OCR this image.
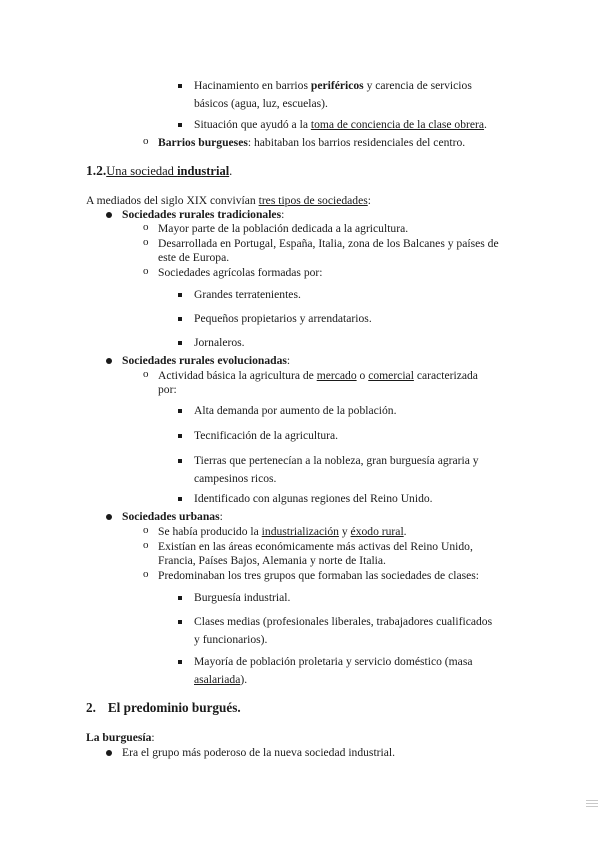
Hacinamiento en barrios periféricos y carencia de servicios
básicos (agua, luz, escuelas).
Situación que ayudó a la toma de conciencia de la clase obrera.
o Barrios burgueses: habitaban los barrios residenciales del centro.
1.2.Una sociedad industrial.
A mediados del siglo XIX convivían tres tipos de sociedades:
Sociedades rurales tradicionales:
o Mayor parte de la población dedicada a la agricultura.
o Desarrollada en Portugal, España, Italia, zona de los Balcanes y países de
este de Europa.
o Sociedades agrícolas formadas por:
Grandes terratenientes.
Pequeños propietarios y arrendatarios.
Jornaleros.
Sociedades rurales evolucionadas:
o Actividad básica la agricultura de mercado o comercial caracterizada
por:
Alta demanda por aumento de la población.
Tecnificación de la agricultura.
Tierras que pertenecían a la nobleza, gran burguesía agraria y
campesinos ricos.
Identificado con algunas regiones del Reino Unido.
Sociedades urbanas:
o Se había producido la industrialización y éxodo rural.
o Existían en las áreas económicamente más activas del Reino Unido,
Francia, Países Bajos, Alemania y norte de Italia.
o Predominaban los tres grupos que formaban las sociedades de clases:
Burguesía industrial.
Clases medias (profesionales liberales, trabajadores cualificados
y funcionarios).
Mayoría de población proletaria y servicio doméstico (masa
asalariada).
2. El predominio burgués.
La burguesía:
Era el grupo más poderoso de la nueva sociedad industrial.
